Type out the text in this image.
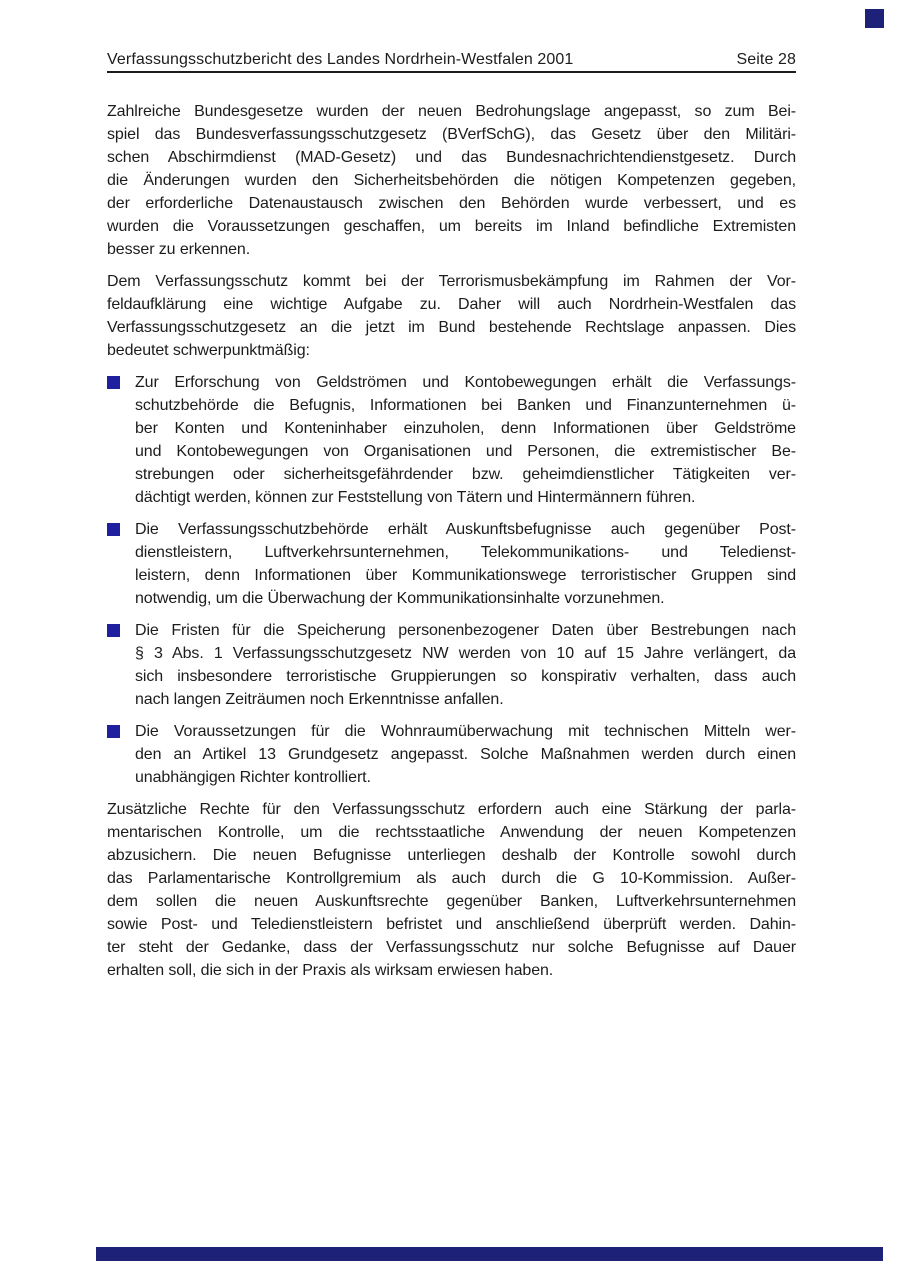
Verfassungsschutzbericht des Landes Nordrhein-Westfalen 2001	Seite 28
Zahlreiche Bundesgesetze wurden der neuen Bedrohungslage angepasst, so zum Bei-
spiel das Bundesverfassungsschutzgesetz (BVerfSchG), das Gesetz über den Militäri-
schen Abschirmdienst (MAD-Gesetz) und das Bundesnachrichtendienstgesetz. Durch
die Änderungen wurden den Sicherheitsbehörden die nötigen Kompetenzen gegeben,
der erforderliche Datenaustausch zwischen den Behörden wurde verbessert, und es
wurden die Voraussetzungen geschaffen, um bereits im Inland befindliche Extremisten
besser zu erkennen.
Dem Verfassungsschutz kommt bei der Terrorismusbekämpfung im Rahmen der Vor-
feldaufklärung eine wichtige Aufgabe zu. Daher will auch Nordrhein-Westfalen das
Verfassungsschutzgesetz an die jetzt im Bund bestehende Rechtslage anpassen. Dies
bedeutet schwerpunktmäßig:
Zur Erforschung von Geldströmen und Kontobewegungen erhält die Verfassungs-
schutzbehörde die Befugnis, Informationen bei Banken und Finanzunternehmen ü-
ber Konten und Konteninhaber einzuholen, denn Informationen über Geldströme
und Kontobewegungen von Organisationen und Personen, die extremistischer Be-
strebungen oder sicherheitsgefährdender bzw. geheimdienstlicher Tätigkeiten ver-
dächtigt werden, können zur Feststellung von Tätern und Hintermännern führen.
Die Verfassungsschutzbehörde erhält Auskunftsbefugnisse auch gegenüber Post-
dienstleistern, Luftverkehrsunternehmen, Telekommunikations- und Teledienst-
leistern, denn Informationen über Kommunikationswege terroristischer Gruppen sind
notwendig, um die Überwachung der Kommunikationsinhalte vorzunehmen.
Die Fristen für die Speicherung personenbezogener Daten über Bestrebungen nach
§ 3 Abs. 1 Verfassungsschutzgesetz NW werden von 10 auf 15 Jahre verlängert, da
sich insbesondere terroristische Gruppierungen so konspirativ verhalten, dass auch
nach langen Zeiträumen noch Erkenntnisse anfallen.
Die Voraussetzungen für die Wohnraumüberwachung mit technischen Mitteln wer-
den an Artikel 13 Grundgesetz angepasst. Solche Maßnahmen werden durch einen
unabhängigen Richter kontrolliert.
Zusätzliche Rechte für den Verfassungsschutz erfordern auch eine Stärkung der parla-
mentarischen Kontrolle, um die rechtsstaatliche Anwendung der neuen Kompetenzen
abzusichern. Die neuen Befugnisse unterliegen deshalb der Kontrolle sowohl durch
das Parlamentarische Kontrollgremium als auch durch die G 10-Kommission. Außer-
dem sollen die neuen Auskunftsrechte gegenüber Banken, Luftverkehrsunternehmen
sowie Post- und Teledienstleistern befristet und anschließend überprüft werden. Dahin-
ter steht der Gedanke, dass der Verfassungsschutz nur solche Befugnisse auf Dauer
erhalten soll, die sich in der Praxis als wirksam erwiesen haben.
